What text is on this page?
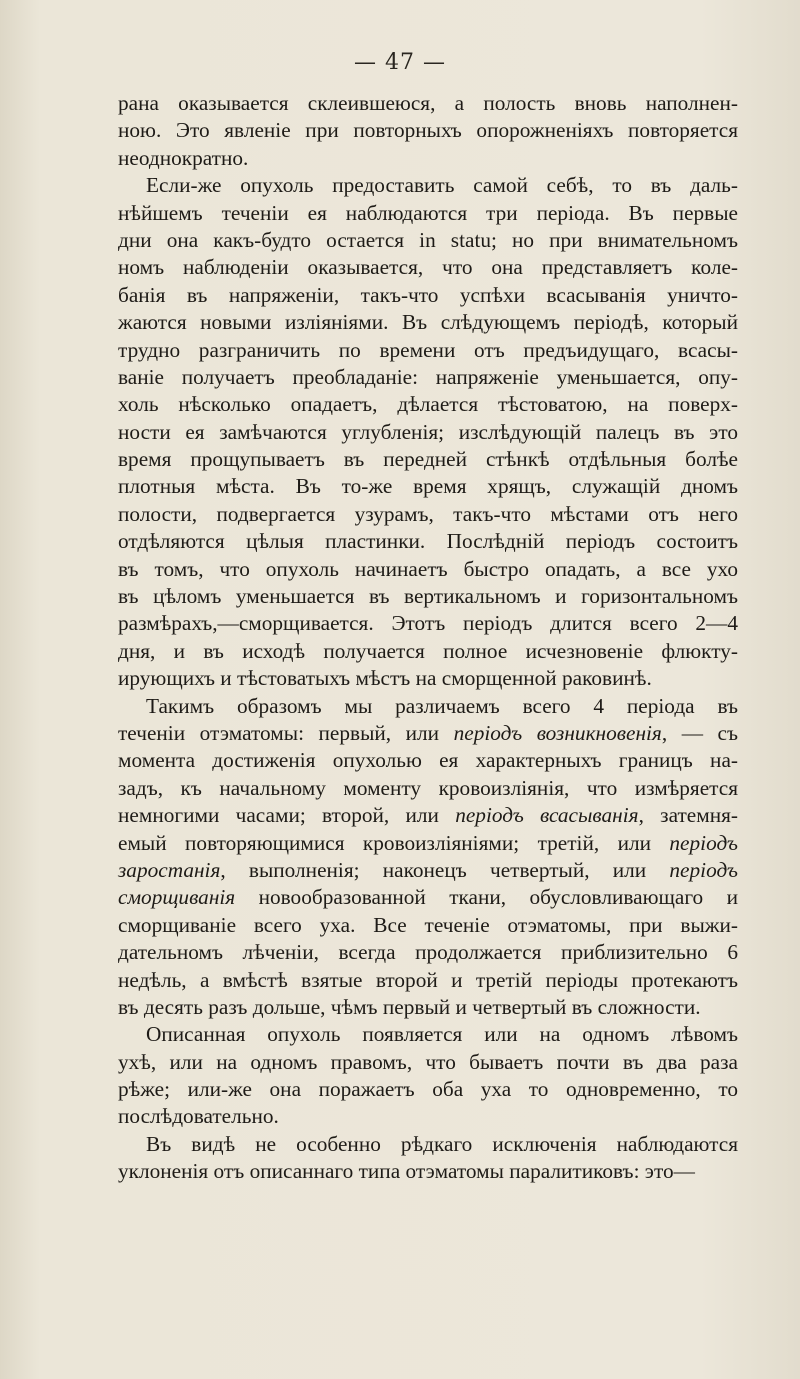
— 47 —
рана оказывается склеившеюся, а полость вновь наполнен-
ною. Это явленіе при повторныхъ опорожненіяхъ повторяется
неоднократно.
Если-же опухоль предоставить самой себѣ, то въ даль-
нѣйшемъ теченіи ея наблюдаются три періода. Въ первые
дни она какъ-будто остается in statu; но при внимательномъ
номъ наблюденіи оказывается, что она представляетъ коле-
банія въ напряженіи, такъ-что успѣхи всасыванія уничто-
жаются новыми изліяніями. Въ слѣдующемъ періодѣ, который
трудно разграничить по времени отъ предъидущаго, всасы-
ваніе получаетъ преобладаніе: напряженіе уменьшается, опу-
холь нѣсколько опадаетъ, дѣлается тѣстоватою, на поверх-
ности ея замѣчаются углубленія; изслѣдующій палецъ въ это
время прощупываетъ въ передней стѣнкѣ отдѣльныя болѣе
плотныя мѣста. Въ то-же время хрящъ, служащій дномъ
полости, подвергается узурамъ, такъ-что мѣстами отъ него
отдѣляются цѣлыя пластинки. Послѣдній періодъ состоитъ
въ томъ, что опухоль начинаетъ быстро опадать, а все ухо
въ цѣломъ уменьшается въ вертикальномъ и горизонтальномъ
размѣрахъ,—сморщивается. Этотъ періодъ длится всего 2—4
дня, и въ исходѣ получается полное исчезновеніе флюкту-
ирующихъ и тѣстоватыхъ мѣстъ на сморщенной раковинѣ.
Такимъ образомъ мы различаемъ всего 4 періода въ
теченіи отэматомы: первый, или періодъ возникновенія, — съ
момента достиженія опухолью ея характерныхъ границъ на-
задъ, къ начальному моменту кровоизліянія, что измѣряется
немногими часами; второй, или періодъ всасыванія, затемня-
емый повторяющимися кровоизліяніями; третій, или періодъ
заростанія, выполненія; наконецъ четвертый, или періодъ
сморщиванія новообразованной ткани, обусловливающаго и
сморщиваніе всего уха. Все теченіе отэматомы, при выжи-
дательномъ лѣченіи, всегда продолжается приблизительно 6
недѣль, а вмѣстѣ взятые второй и третій періоды протекаютъ
въ десять разъ дольше, чѣмъ первый и четвертый въ сложности.
Описанная опухоль появляется или на одномъ лѣвомъ
ухѣ, или на одномъ правомъ, что бываетъ почти въ два раза
рѣже; или-же она поражаетъ оба уха то одновременно, то
послѣдовательно.
Въ видѣ не особенно рѣдкаго исключенія наблюдаются
уклоненія отъ описаннаго типа отэматомы паралитиковъ: это—
